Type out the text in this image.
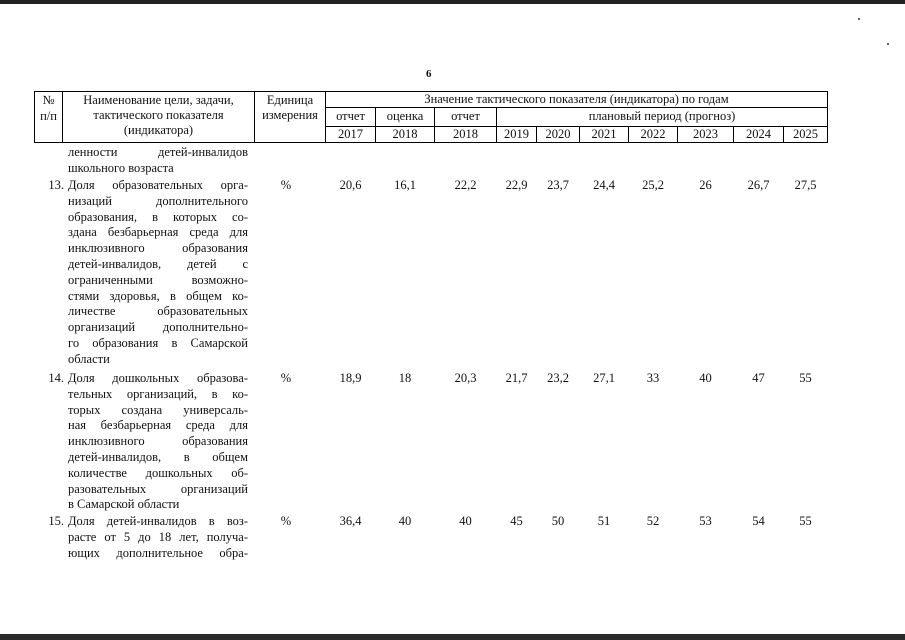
6
№
п/п
Наименование цели, задачи,
тактического показателя
(индикатора)
Единица
измерения
Значение тактического показателя (индикатора) по годам
отчет	оценка	отчет	плановый период (прогноз)
2017	2018	2018	2019	2020	2021	2022	2023	2024	2025
ленности детей-инвалидов
школьного возраста
13. Доля образовательных орга-
низаций дополнительного
образования, в которых со-
здана безбарьерная среда для
инклюзивного образования
детей-инвалидов, детей с
ограниченными возможно-
стями здоровья, в общем ко-
личестве образовательных
организаций дополнительно-
го образования в Самарской
области
%	20,6	16,1	22,2	22,9	23,7	24,4	25,2	26	26,7	27,5
14. Доля дошкольных образова-
тельных организаций, в ко-
торых создана универсаль-
ная безбарьерная среда для
инклюзивного образования
детей-инвалидов, в общем
количестве дошкольных об-
разовательных организаций
в Самарской области
%	18,9	18	20,3	21,7	23,2	27,1	33	40	47	55
15. Доля детей-инвалидов в воз-
расте от 5 до 18 лет, получа-
ющих дополнительное обра-
%	36,4	40	40	45	50	51	52	53	54	55
